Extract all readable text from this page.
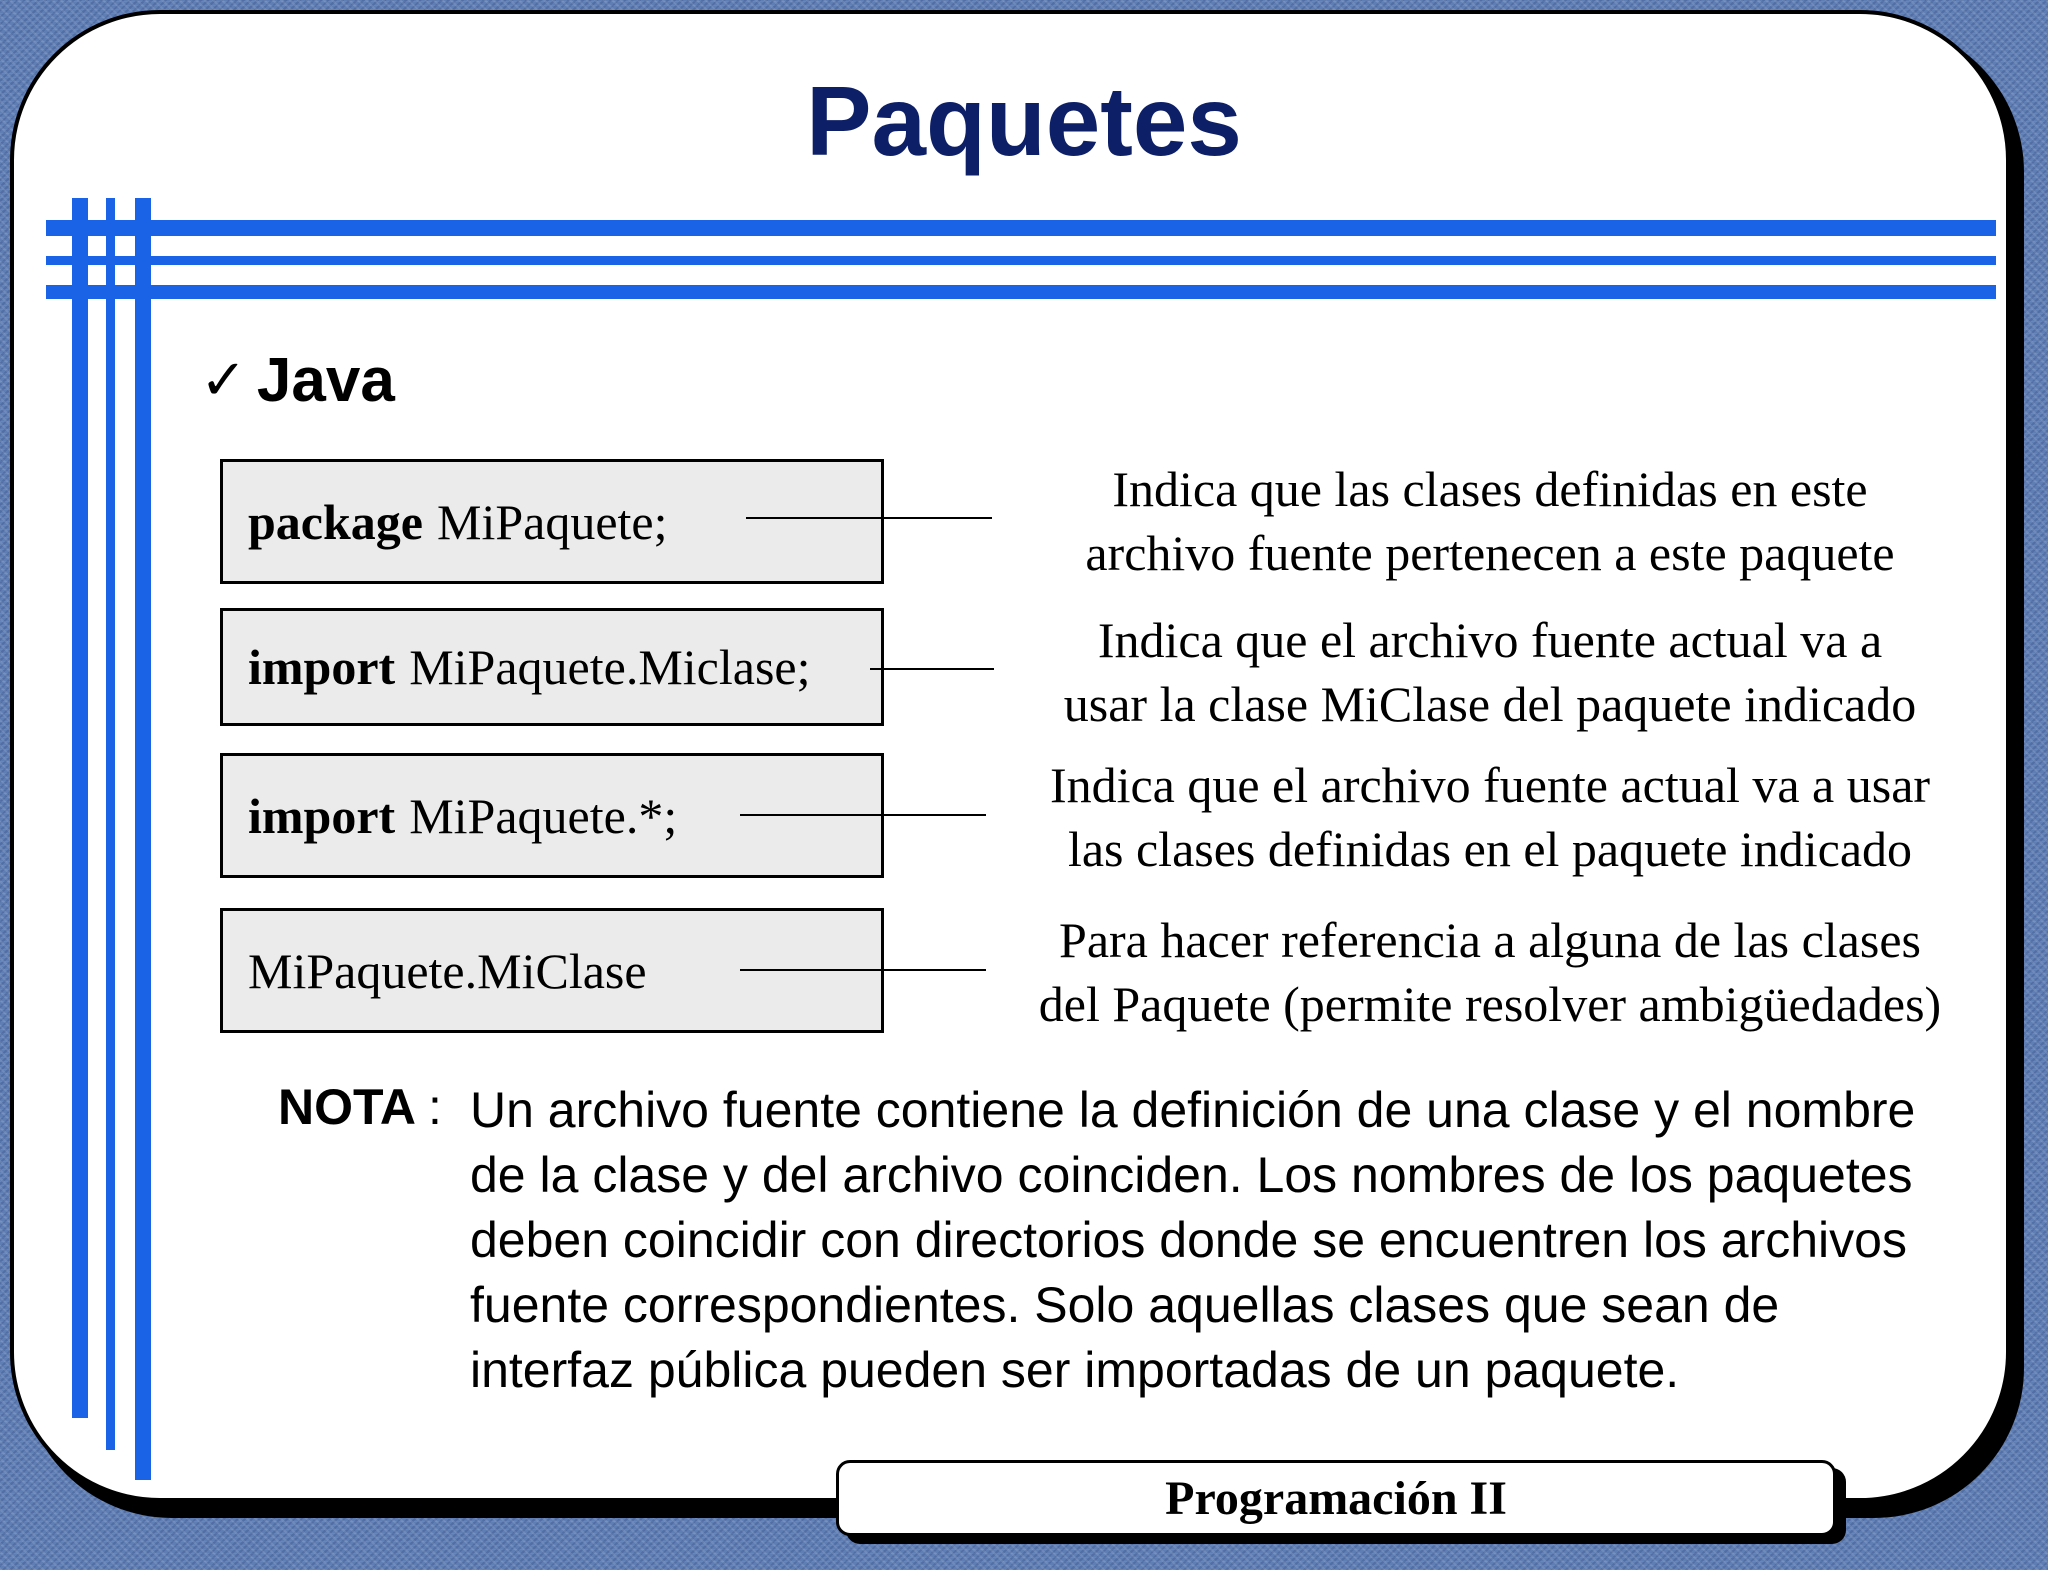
Paquetes
✓ Java
package MiPaquete;
Indica que las clases definidas en este
archivo fuente pertenecen a este paquete
import MiPaquete.Miclase;	Indica que el archivo fuente actual va a
usar la clase MiClase del paquete indicado
import MiPaquete.*;
Indica que el archivo fuente actual va a usar
las clases definidas en el paquete indicado
MiPaquete.MiClase
Para hacer referencia a alguna de las clases
del Paquete (permite resolver ambigüedades)
NOTA : Un archivo fuente contiene la definición de una clase y el nombre de la clase y del archivo coinciden. Los nombres de los paquetes deben coincidir con directorios donde se encuentren los archivos fuente correspondientes. Solo aquellas clases que sean de interfaz pública pueden ser importadas de un paquete.
Programación II
